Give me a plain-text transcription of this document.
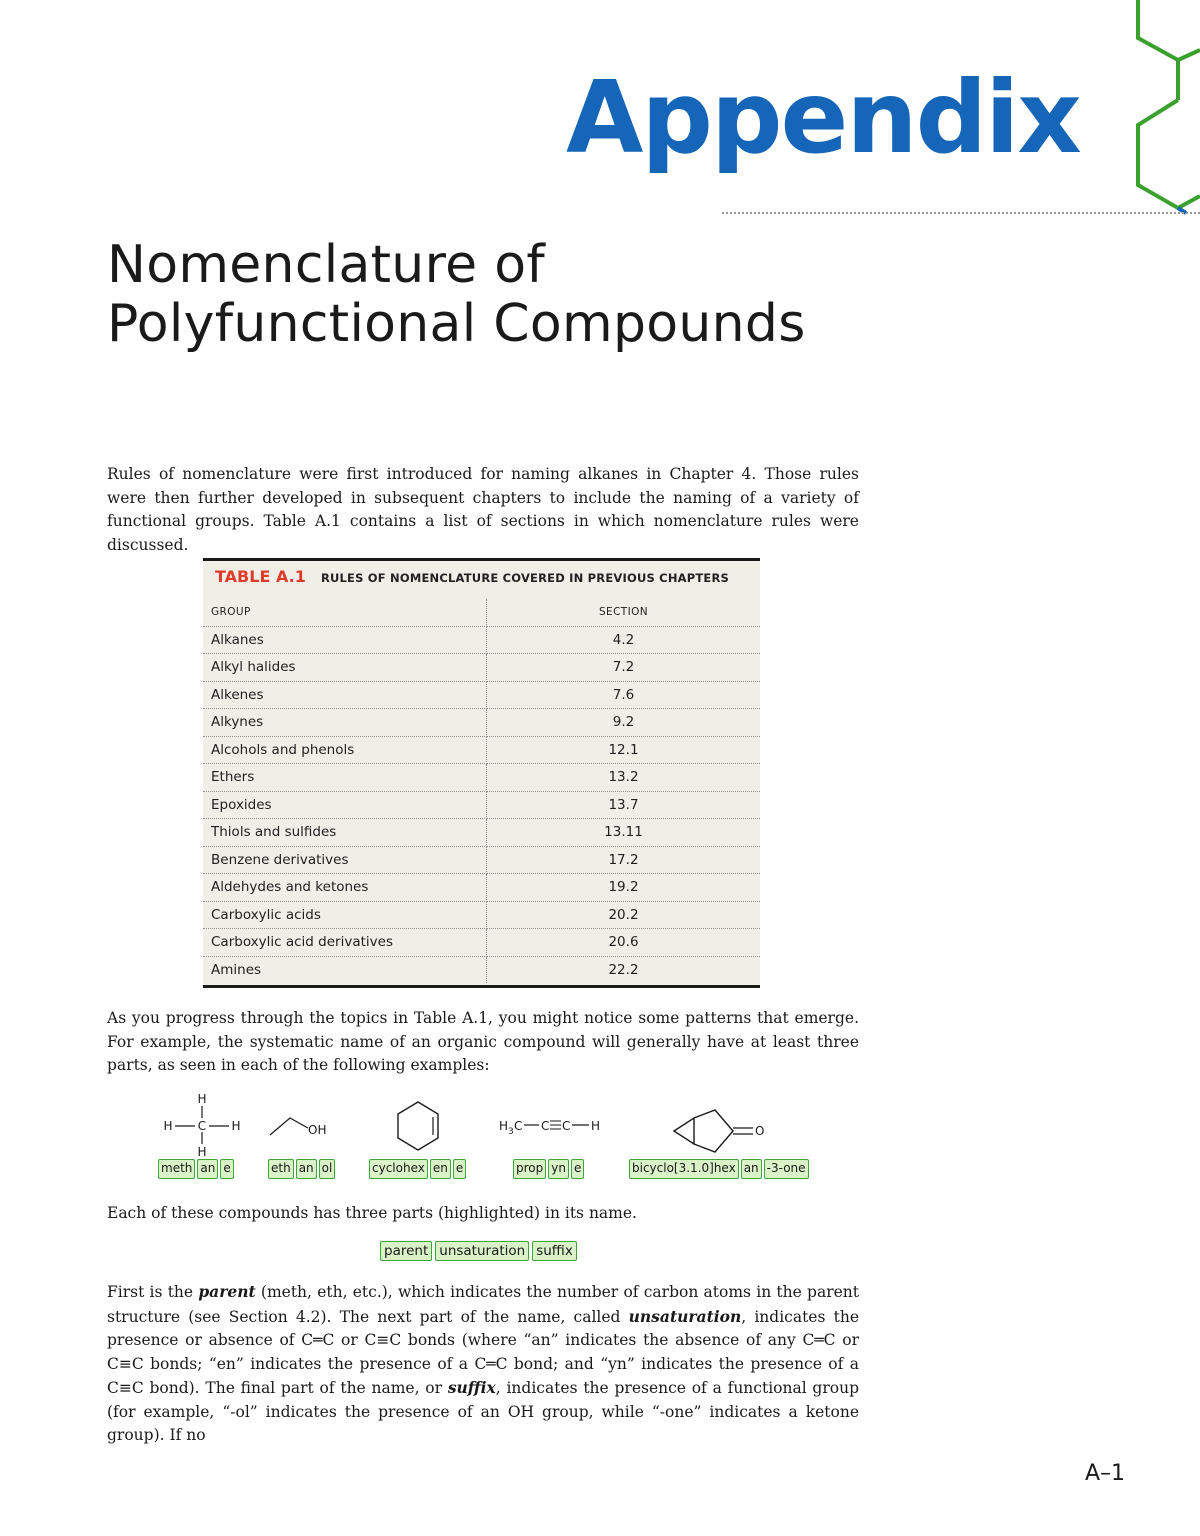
Appendix
Nomenclature of
Polyfunctional Compounds

Rules of nomenclature were first introduced for naming alkanes in Chapter 4. Those rules were then further developed in subsequent chapters to include the naming of a variety of functional groups. Table A.1 contains a list of sections in which nomenclature rules were discussed.

TABLE A.1 RULES OF NOMENCLATURE COVERED IN PREVIOUS CHAPTERS
GROUP	SECTION
Alkanes	4.2
Alkyl halides	7.2
Alkenes	7.6
Alkynes	9.2
Alcohols and phenols	12.1
Ethers	13.2
Epoxides	13.7
Thiols and sulfides	13.11
Benzene derivatives	17.2
Aldehydes and ketones	19.2
Carboxylic acids	20.2
Carboxylic acid derivatives	20.6
Amines	22.2

As you progress through the topics in Table A.1, you might notice some patterns that emerge. For example, the systematic name of an organic compound will generally have at least three parts, as seen in each of the following examples:

H
H C H
H
OH	H 3 C C C H	O
meth an e	eth an ol	cyclohex en e	prop yn e	bicyclo[3.1.0]hex an -3-one

Each of these compounds has three parts (highlighted) in its name.

parent unsaturation suffix

First is the parent (meth, eth, etc.), which indicates the number of carbon atoms in the parent structure (see Section 4.2). The next part of the name, called unsaturation, indicates the presence or absence of C═C or C≡C bonds (where “an” indicates the absence of any C═C or C≡C bonds; “en” indicates the presence of a C═C bond; and “yn” indicates the presence of a C≡C bond). The final part of the name, or suffix, indicates the presence of a functional group (for example, “-ol” indicates the presence of an OH group, while “-one” indicates a ketone group). If no

A–1
